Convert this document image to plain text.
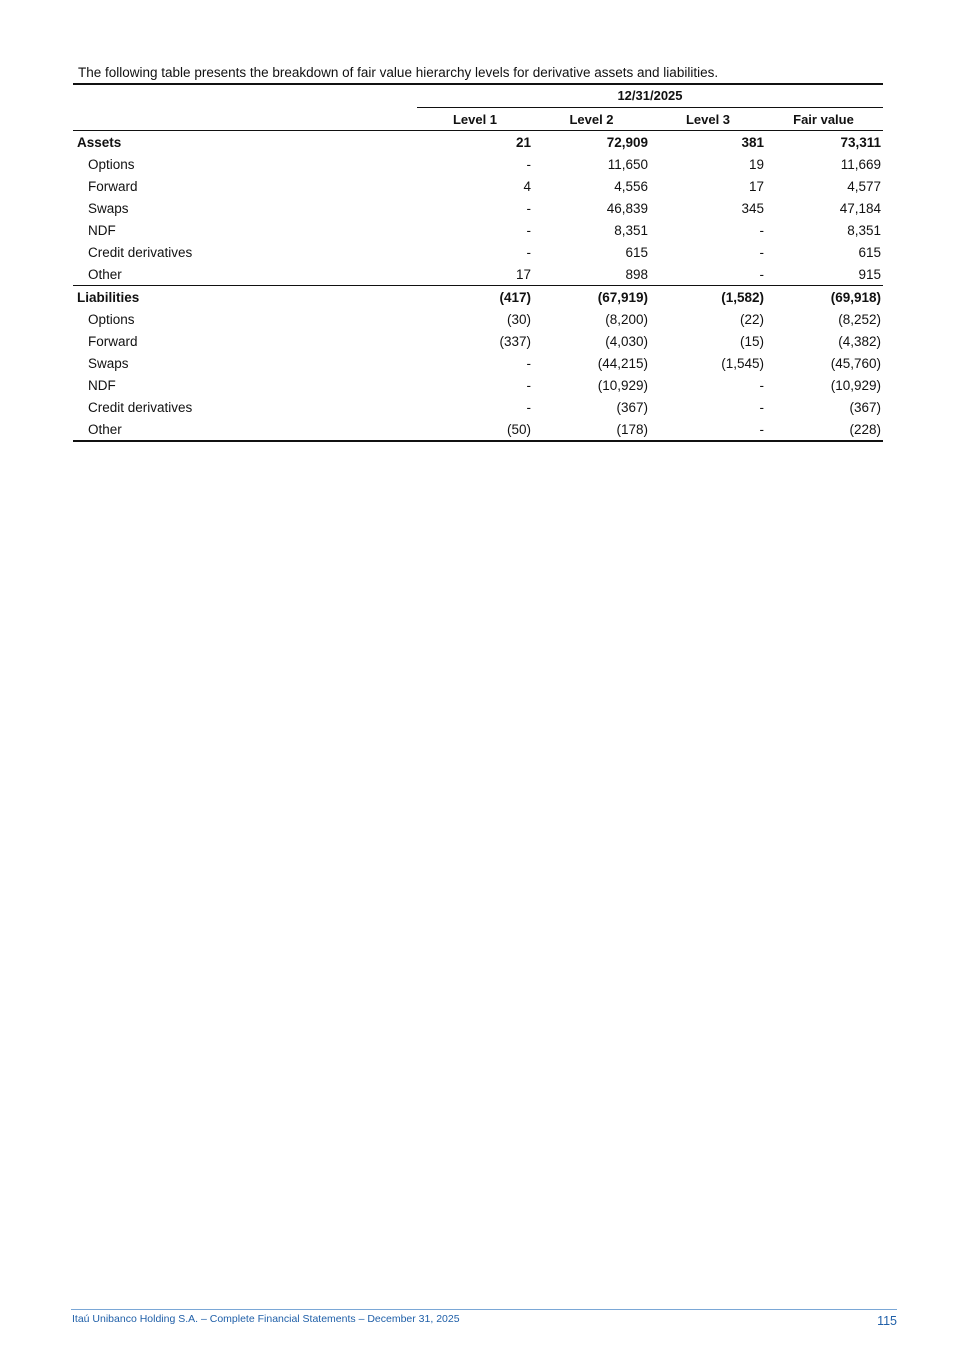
The following table presents the breakdown of fair value hierarchy levels for derivative assets and liabilities.
12/31/2025
Level 1	Level 2	Level 3	Fair value
Assets	21	72,909	381	73,311
Options	-	11,650	19	11,669
Forward	4	4,556	17	4,577
Swaps	-	46,839	345	47,184
NDF	-	8,351	-	8,351
Credit derivatives	-	615	-	615
Other	17	898	-	915
Liabilities	(417)	(67,919)	(1,582)	(69,918)
Options	(30)	(8,200)	(22)	(8,252)
Forward	(337)	(4,030)	(15)	(4,382)
Swaps	-	(44,215)	(1,545)	(45,760)
NDF	-	(10,929)	-	(10,929)
Credit derivatives	-	(367)	-	(367)
Other	(50)	(178)	-	(228)
Itaú Unibanco Holding S.A. – Complete Financial Statements – December 31, 2025	115
